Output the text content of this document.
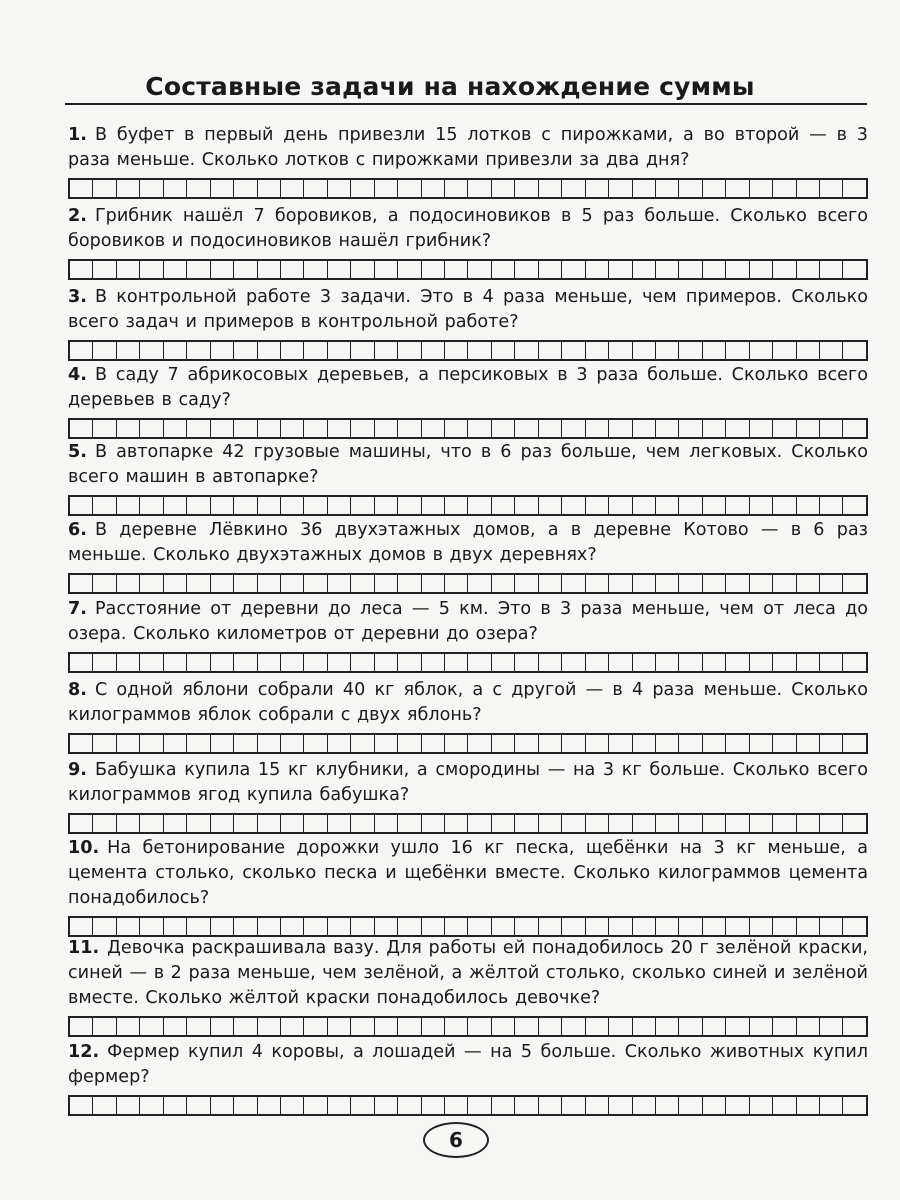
Составные задачи на нахождение суммы
1. В буфет в первый день привезли 15 лотков с пирожками, а во второй — в 3 раза меньше. Сколько лотков с пирожками привезли за два дня?
2. Грибник нашёл 7 боровиков, а подосиновиков в 5 раз больше. Сколько всего боровиков и подосиновиков нашёл грибник?
3. В контрольной работе 3 задачи. Это в 4 раза меньше, чем примеров. Сколько всего задач и примеров в контрольной работе?
4. В саду 7 абрикосовых деревьев, а персиковых в 3 раза больше. Сколько всего деревьев в саду?
5. В автопарке 42 грузовые машины, что в 6 раз больше, чем легковых. Сколько всего машин в автопарке?
6. В деревне Лёвкино 36 двухэтажных домов, а в деревне Котово — в 6 раз меньше. Сколько двухэтажных домов в двух деревнях?
7. Расстояние от деревни до леса — 5 км. Это в 3 раза меньше, чем от леса до озера. Сколько километров от деревни до озера?
8. С одной яблони собрали 40 кг яблок, а с другой — в 4 раза меньше. Сколько килограммов яблок собрали с двух яблонь?
9. Бабушка купила 15 кг клубники, а смородины — на 3 кг больше. Сколько всего килограммов ягод купила бабушка?
10. На бетонирование дорожки ушло 16 кг песка, щебёнки на 3 кг меньше, а цемента столько, сколько песка и щебёнки вместе. Сколько килограммов цемента понадобилось?
11. Девочка раскрашивала вазу. Для работы ей понадобилось 20 г зелёной краски, синей — в 2 раза меньше, чем зелёной, а жёлтой столько, сколько синей и зелёной вместе. Сколько жёлтой краски понадобилось девочке?
12. Фермер купил 4 коровы, а лошадей — на 5 больше. Сколько животных купил фермер?
6
